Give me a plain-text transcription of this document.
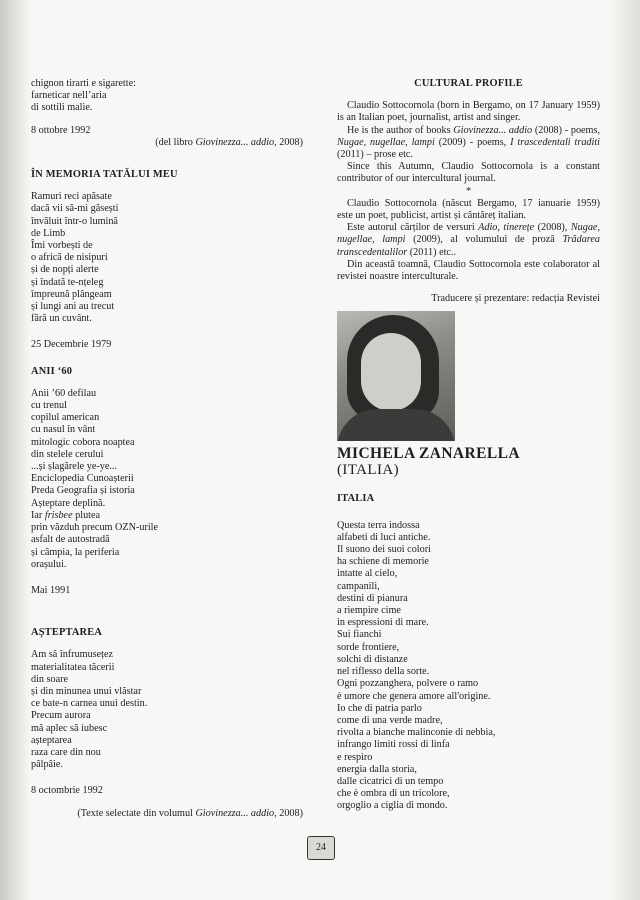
chignon tirarti e sigarette:
farneticar nell’aria
di sottili malie.
8 ottobre 1992
(del libro Giovinezza... addio, 2008)
ÎN MEMORIA TATĂLUI MEU
Ramuri reci apăsate
dacă vii să-mi găsești
învăluit într-o lumină
de Limb
Îmi vorbești de
o africă de nisipuri
și de nopți alerte
și îndată te-nțeleg
împreună plângeam
și lungi ani au trecut
fără un cuvânt.
25 Decembrie 1979
ANII ‘60
Anii ’60 defilau
cu trenul
copilul american
cu nasul în vânt
mitologic cobora noaptea
din stelele cerului
...și șlagărele ye-ye...
Enciclopedia Cunoașterii
Preda Geografia și istoria
Așteptare deplină.
Iar frisbee plutea
prin văzduh precum OZN-urile
asfalt de autostradă
și câmpia, la periferia
orașului.
Mai 1991
AȘTEPTAREA
Am să înfrumusețez
materialitatea tăcerii
din soare
și din minunea unui vlăstar
ce bate-n carnea unui destin.
Precum aurora
mă aplec să iubesc
așteptarea
raza care din nou
pâlpâie.
8 octombrie 1992
(Texte selectate din volumul Giovinezza... addio, 2008)
CULTURAL PROFILE
Claudio Sottocornola (born in Bergamo, on 17 January 1959) is an Italian poet, journalist, artist and singer.
He is the author of books Giovinezza... addio (2008) - poems, Nugae, nugellae, lampi (2009) - poems, I trascedentali traditi (2011) – prose etc.
Since this Autumn, Claudio Sottocornola is a constant contributor of our intercultural journal.
*
Claudio Sottocornola (născut Bergamo, 17 ianuarie 1959) este un poet, publicist, artist și cântăreț italian.
Este autorul cărților de versuri Adio, tinerețe (2008), Nugae, nugellae, lampi (2009), al volumului de proză Trădarea transcedentalilor (2011) etc..
Din această toamnă, Claudio Sottocornola este colaborator al revistei noastre interculturale.
Traducere și prezentare: redacția Revistei
MICHELA ZANARELLA
(ITALIA)
ITALIA
Questa terra indossa
alfabeti di luci antiche.
Il suono dei suoi colori
ha schiene di memorie
intatte al cielo,
campanili,
destini di pianura
a riempire cime
in espressioni di mare.
Sui fianchi
sorde frontiere,
solchi di distanze
nel riflesso della sorte.
Ogni pozzanghera, polvere o ramo
è umore che genera amore all'origine.
Io che di patria parlo
come di una verde madre,
rivolta a bianche malinconie di nebbia,
infrango limiti rossi di linfa
e respiro
energia dalla storia,
dalle cicatrici di un tempo
che è ombra di un tricolore,
orgoglio a ciglia di mondo.
24
